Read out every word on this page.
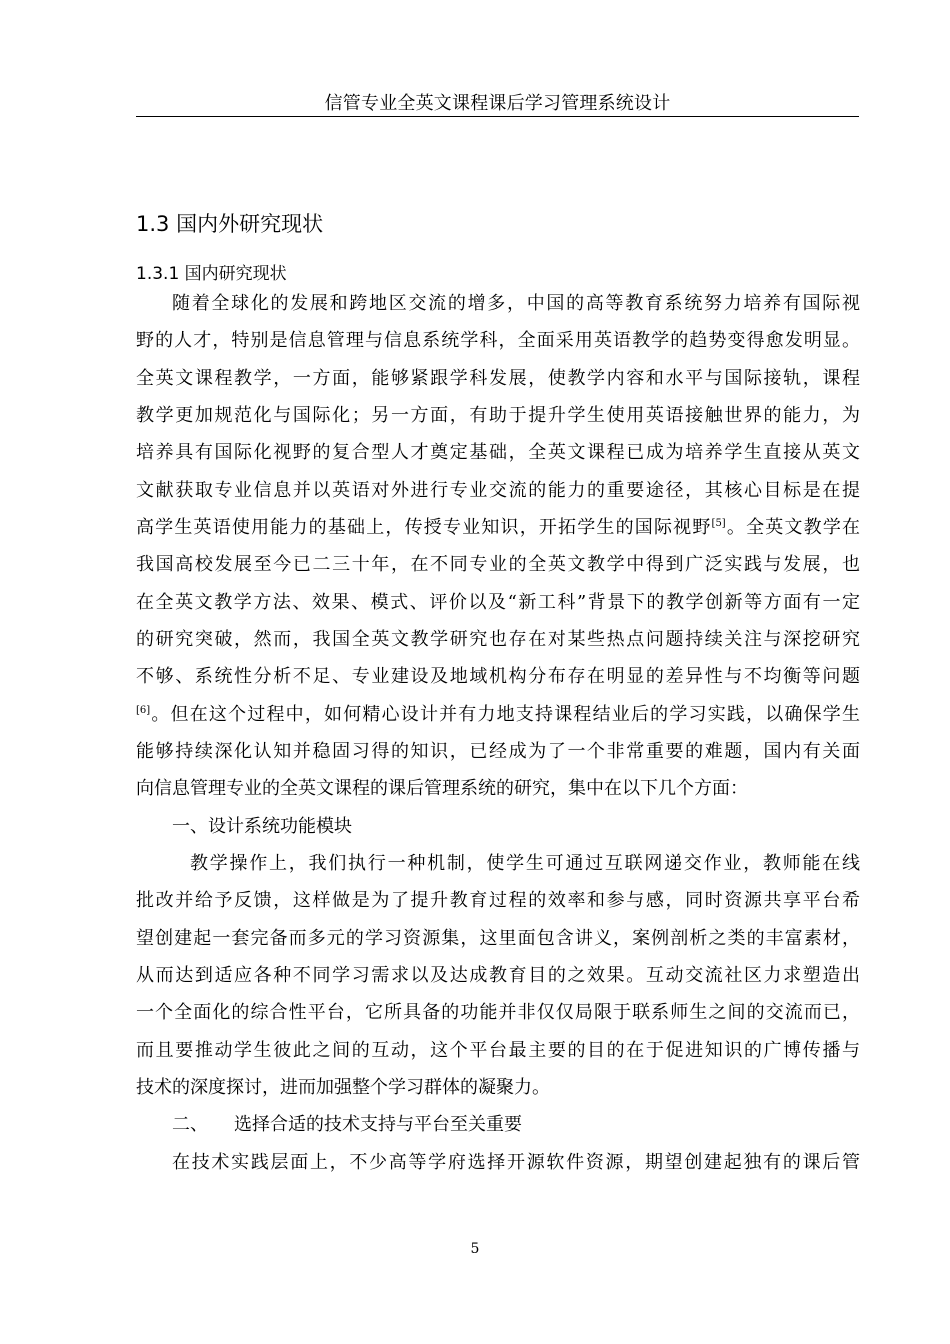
信管专业全英文课程课后学习管理系统设计
1.3 国内外研究现状
1.3.1 国内研究现状
随着全球化的发展和跨地区交流的增多，中国的高等教育系统努力培养有国际视
野的人才，特别是信息管理与信息系统学科，全面采用英语教学的趋势变得愈发明显。
全英文课程教学，一方面，能够紧跟学科发展，使教学内容和水平与国际接轨，课程
教学更加规范化与国际化；另一方面，有助于提升学生使用英语接触世界的能力，为
培养具有国际化视野的复合型人才奠定基础，全英文课程已成为培养学生直接从英文
文献获取专业信息并以英语对外进行专业交流的能力的重要途径，其核心目标是在提
高学生英语使用能力的基础上，传授专业知识，开拓学生的国际视野[5]。全英文教学在
我国高校发展至今已二三十年，在不同专业的全英文教学中得到广泛实践与发展，也
在全英文教学方法、效果、模式、评价以及“新工科”背景下的教学创新等方面有一定
的研究突破，然而，我国全英文教学研究也存在对某些热点问题持续关注与深挖研究
不够、系统性分析不足、专业建设及地域机构分布存在明显的差异性与不均衡等问题
[6]。但在这个过程中，如何精心设计并有力地支持课程结业后的学习实践，以确保学生
能够持续深化认知并稳固习得的知识，已经成为了一个非常重要的难题，国内有关面
向信息管理专业的全英文课程的课后管理系统的研究，集中在以下几个方面：
一、设计系统功能模块
教学操作上，我们执行一种机制，使学生可通过互联网递交作业，教师能在线
批改并给予反馈，这样做是为了提升教育过程的效率和参与感，同时资源共享平台希
望创建起一套完备而多元的学习资源集，这里面包含讲义，案例剖析之类的丰富素材，
从而达到适应各种不同学习需求以及达成教育目的之效果。互动交流社区力求塑造出
一个全面化的综合性平台，它所具备的功能并非仅仅局限于联系师生之间的交流而已，
而且要推动学生彼此之间的互动，这个平台最主要的目的在于促进知识的广博传播与
技术的深度探讨，进而加强整个学习群体的凝聚力。
二、 选择合适的技术支持与平台至关重要
在技术实践层面上，不少高等学府选择开源软件资源，期望创建起独有的课后管
5
